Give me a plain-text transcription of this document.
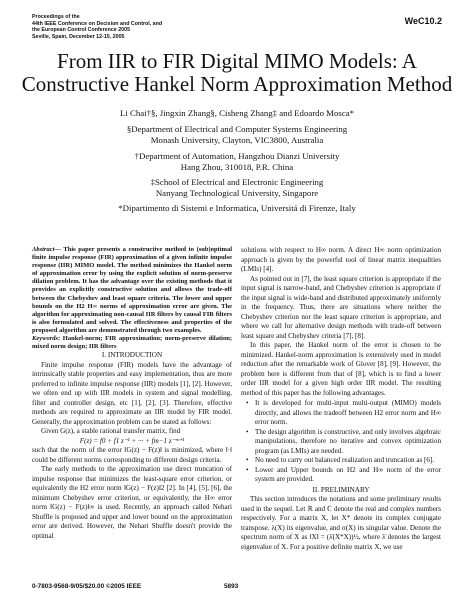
Proceedings of the
44th IEEE Conference on Decision and Control, and
the European Control Conference 2005
Seville, Spain, December 12-15, 2005
WeC10.2
From IIR to FIR Digital MIMO Models: A
Constructive Hankel Norm Approximation Method
Li Chai†§, Jingxin Zhang§, Cisheng Zhang‡ and Edoardo Mosca*
§Department of Electrical and Computer Systems Engineering
Monash University, Clayton, VIC3800, Australia
†Department of Automation, Hangzhou Dianzi University
Hang Zhou, 310018, P.R. China
‡School of Electrical and Electronic Engineering
Nanyang Technological University, Singapore
*Dipartimento di Sistemi e Informatica, Universitá di Firenze, Italy

Abstract— This paper presents a constructive method to (sub)optimal finite impulse response (FIR) approximation of a given infinite impulse response (IIR) MIMO model. The method minimizes the Hankel norm of approximation error by using the explicit solution of norm-preserve dilation problem. It has the advantage over the existing methods that it provides an explicitly constructive solution and allows the trade-off between the Chebyshev and least square criteria. The lower and upper bounds on the H2 H∞ norms of approximation error are given. The algorithm for approximating non-causal IIR filters by causal FIR filters is also formulated and solved. The effectiveness and properties of the proposed algorithm are demonstrated through two examples.

Keywords: Hankel-norm; FIR approximation; norm-preserve dilation; mixed norm design; IIR filters

I. INTRODUCTION

Finite impulse response (FIR) models have the advantage of intrinsically stable properties and easy implementation, thus are more preferred to infinite impulse response (IIR) models [1], [2]. However, we often end up with IIR models in system and signal modelling, filter and controller design, etc [1], [2], [3]. Therefore, effective methods are required to approximate an IIR model by FIR model. Generally, the approximation problem can be stated as follows:

Given G(z), a stable rational transfer matrix, find

F(z) = f0 + f1 z⁻¹ + ··· + fm−1 z⁻ᵐ⁺¹

such that the norm of the error ‖G(z) − F(z)‖ is minimized, where ‖·‖ could be different norms corresponding to different design criteria.

The early methods to the approximation use direct truncation of impulse response that minimizes the least-square error criterion, or equivalently the H2 error norm ‖G(z) − F(z)‖2 [2]. In [4], [5], [6], the minimum Chebyshev error criterion, or equivalently, the H∞ error norm ‖G(z) − F(z)‖∞ is used. Recently, an approach called Nehari Shuffle is proposed and upper and lower bound on the approximation error are derived. However, the Nehari Shuffle doesn't provide the optimal

solutions with respect to H∞ norm. A direct H∞ norm optimization approach is given by the powerful tool of linear matrix inequalities (LMIs) [4].

As pointed out in [7], the least square criterion is appropriate if the input signal is narrow-band, and Chebyshev criterion is appropriate if the input signal is wide-band and distributed approximately uniformly in the frequency. Thus, there are situations where neither the Chebyshev criterion nor the least square criterion is appropriate, and where we call for alternative design methods with trade-off between least square and Chebyshev criteria [7], [8].

In this paper, the Hankel norm of the error is chosen to be minimized. Hankel-norm approximation is extensively used in model reduction after the remarkable work of Glover [8], [9]. However, the problem here is different from that of [8], which is to find a lower order IIR model for a given high order IIR model. The resulting method of this paper has the following advantages.

• It is developed for multi-input multi-output (MIMO) models directly, and allows the tradeoff between H2 error norm and H∞ error norm.
• The design algorithm is constructive, and only involves algebraic manipulations, therefore no iterative and convex optimization program (as LMIs) are needed.
• No need to carry out balanced realization and truncation as [6].
• Lower and Upper bounds on H2 and H∞ norm of the error system are provided.

II. PRELIMINARY

This section introduces the notations and some preliminary results used in the sequel. Let ℝ and ℂ denote the real and complex numbers respectively. For a matrix X, let X* denote its complex conjugate transpose. λ(X) its eigenvalue, and σ(X) its singular value. Denote the spectrum norm of X as ‖X‖ = (λ̄(X*X))½, where λ̄ denotes the largest eigenvalue of X. For a positive definite matrix X, we use

0-7803-9568-9/05/$20.00 ©2005 IEEE	5893
